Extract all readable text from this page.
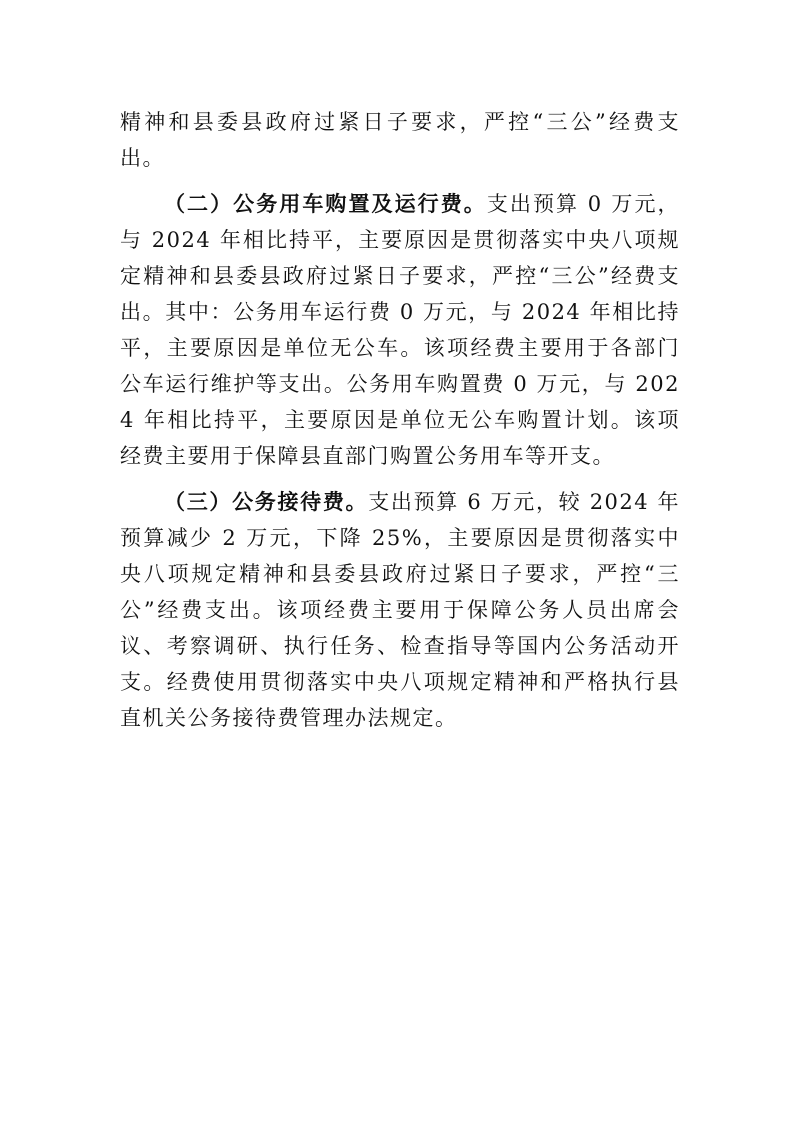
精神和县委县政府过紧日子要求，严控“三公”经费支出。

（二）公务用车购置及运行费。支出预算 0 万元，与 2024 年相比持平，主要原因是贯彻落实中央八项规定精神和县委县政府过紧日子要求，严控“三公”经费支出。其中：公务用车运行费 0 万元，与 2024 年相比持平，主要原因是单位无公车。该项经费主要用于各部门公车运行维护等支出。公务用车购置费 0 万元，与 2024 年相比持平，主要原因是单位无公车购置计划。该项经费主要用于保障县直部门购置公务用车等开支。

（三）公务接待费。支出预算 6 万元，较 2024 年预算减少 2 万元，下降 25%，主要原因是贯彻落实中央八项规定精神和县委县政府过紧日子要求，严控“三公”经费支出。该项经费主要用于保障公务人员出席会议、考察调研、执行任务、检查指导等国内公务活动开支。经费使用贯彻落实中央八项规定精神和严格执行县直机关公务接待费管理办法规定。
